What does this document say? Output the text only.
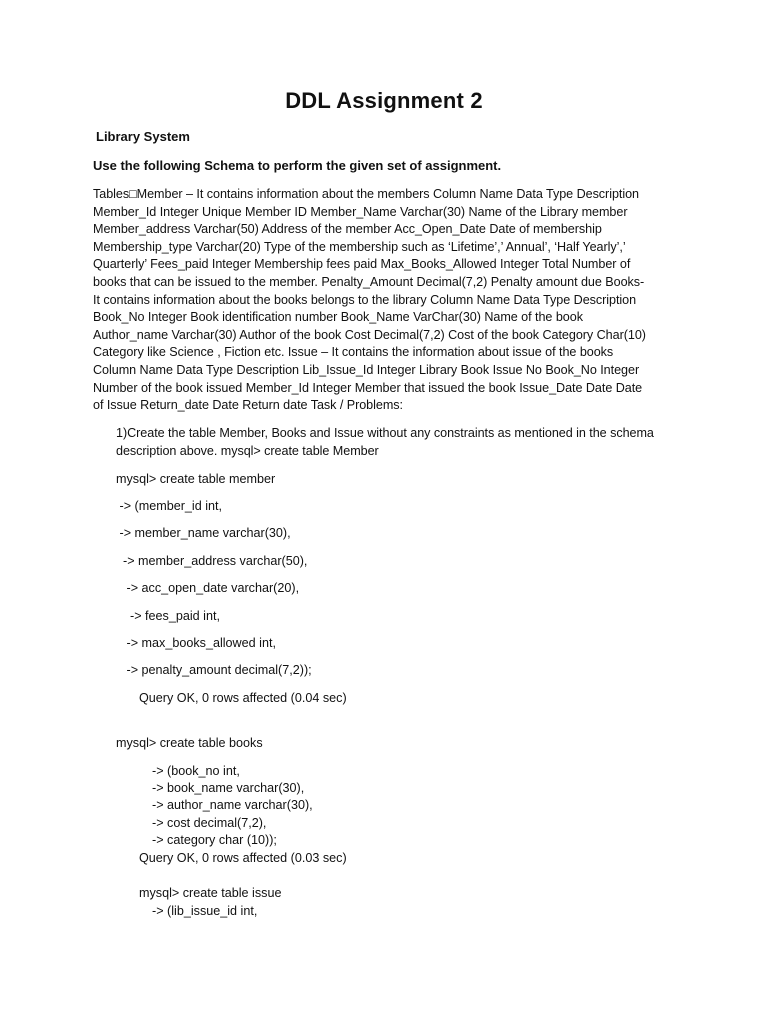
DDL Assignment 2
Library System
Use the following Schema to perform the given set of assignment.
Tables□Member – It contains information about the members Column Name Data Type Description
Member_Id Integer Unique Member ID Member_Name Varchar(30) Name of the Library member
Member_address Varchar(50) Address of the member Acc_Open_Date Date of membership
Membership_type Varchar(20) Type of the membership such as ‘Lifetime’,’ Annual’, ‘Half Yearly’,’
Quarterly’ Fees_paid Integer Membership fees paid Max_Books_Allowed Integer Total Number of
books that can be issued to the member. Penalty_Amount Decimal(7,2) Penalty amount due Books-
It contains information about the books belongs to the library Column Name Data Type Description
Book_No Integer Book identification number Book_Name VarChar(30) Name of the book
Author_name Varchar(30) Author of the book Cost Decimal(7,2) Cost of the book Category Char(10)
Category like Science , Fiction etc. Issue – It contains the information about issue of the books
Column Name Data Type Description Lib_Issue_Id Integer Library Book Issue No Book_No Integer
Number of the book issued Member_Id Integer Member that issued the book Issue_Date Date Date
of Issue Return_date Date Return date Task / Problems:
1)Create the table Member, Books and Issue without any constraints as mentioned in the schema
description above. mysql> create table Member
mysql> create table member
-> (member_id int,
-> member_name varchar(30),
-> member_address varchar(50),
-> acc_open_date varchar(20),
-> fees_paid int,
-> max_books_allowed int,
-> penalty_amount decimal(7,2));
Query OK, 0 rows affected (0.04 sec)
mysql> create table books
-> (book_no int,
-> book_name varchar(30),
-> author_name varchar(30),
-> cost decimal(7,2),
-> category char (10));
Query OK, 0 rows affected (0.03 sec)
mysql> create table issue
-> (lib_issue_id int,
